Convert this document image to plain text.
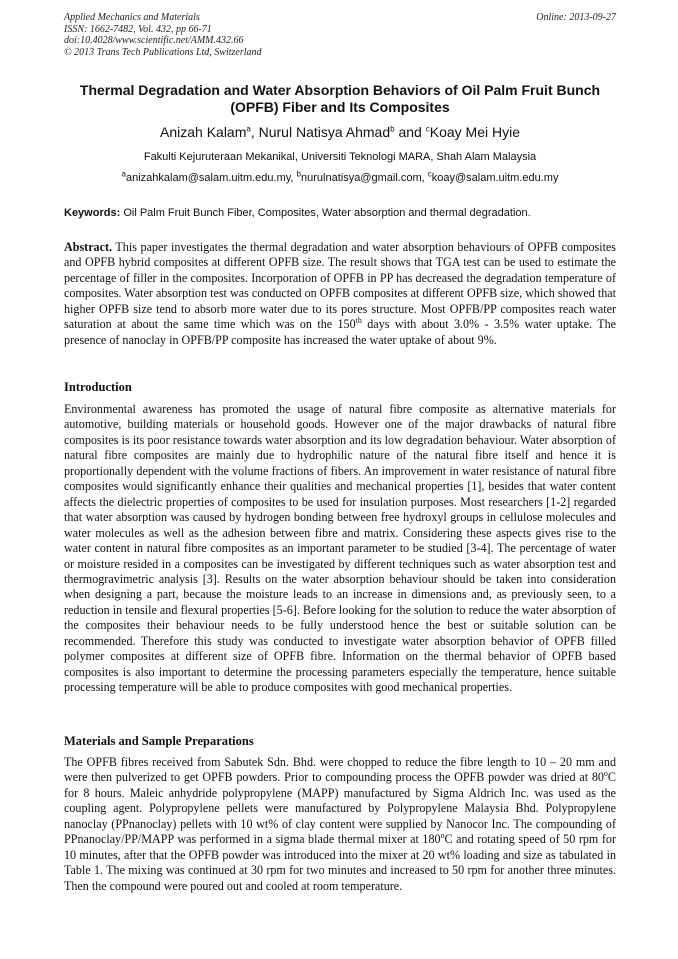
Applied Mechanics and Materials
ISSN: 1662-7482, Vol. 432, pp 66-71
doi:10.4028/www.scientific.net/AMM.432.66
© 2013 Trans Tech Publications Ltd, Switzerland
Online: 2013-09-27
Thermal Degradation and Water Absorption Behaviors of Oil Palm Fruit Bunch (OPFB) Fiber and Its Composites
Anizah Kalam$^a$, Nurul Natisya Ahmad$^b$ and $^c$Koay Mei Hyie
Fakulti Kejuruteraan Mekanikal, Universiti Teknologi MARA, Shah Alam Malaysia
$^a$anizahkalam@salam.uitm.edu.my, $^b$nurulnatisya@gmail.com, $^c$koay@salam.uitm.edu.my
Keywords: Oil Palm Fruit Bunch Fiber, Composites, Water absorption and thermal degradation.
Abstract. This paper investigates the thermal degradation and water absorption behaviours of OPFB composites and OPFB hybrid composites at different OPFB size. The result shows that TGA test can be used to estimate the percentage of filler in the composites. Incorporation of OPFB in PP has decreased the degradation temperature of composites. Water absorption test was conducted on OPFB composites at different OPFB size, which showed that higher OPFB size tend to absorb more water due to its pores structure. Most OPFB/PP composites reach water saturation at about the same time which was on the 150th days with about 3.0% - 3.5% water uptake. The presence of nanoclay in OPFB/PP composite has increased the water uptake of about 9%.
Introduction
Environmental awareness has promoted the usage of natural fibre composite as alternative materials for automotive, building materials or household goods. However one of the major drawbacks of natural fibre composites is its poor resistance towards water absorption and its low degradation behaviour. Water absorption of natural fibre composites are mainly due to hydrophilic nature of the natural fibre itself and hence it is proportionally dependent with the volume fractions of fibers. An improvement in water resistance of natural fibre composites would significantly enhance their qualities and mechanical properties [1], besides that water content affects the dielectric properties of composites to be used for insulation purposes. Most researchers [1-2] regarded that water absorption was caused by hydrogen bonding between free hydroxyl groups in cellulose molecules and water molecules as well as the adhesion between fibre and matrix. Considering these aspects gives rise to the water content in natural fibre composites as an important parameter to be studied [3-4]. The percentage of water or moisture resided in a composites can be investigated by different techniques such as water absorption test and thermogravimetric analysis [3]. Results on the water absorption behaviour should be taken into consideration when designing a part, because the moisture leads to an increase in dimensions and, as previously seen, to a reduction in tensile and flexural properties [5-6]. Before looking for the solution to reduce the water absorption of the composites their behaviour needs to be fully understood hence the best or suitable solution can be recommended. Therefore this study was conducted to investigate water absorption behavior of OPFB filled polymer composites at different size of OPFB fibre. Information on the thermal behavior of OPFB based composites is also important to determine the processing parameters especially the temperature, hence suitable processing temperature will be able to produce composites with good mechanical properties.
Materials and Sample Preparations
The OPFB fibres received from Sabutek Sdn. Bhd. were chopped to reduce the fibre length to 10 – 20 mm and were then pulverized to get OPFB powders. Prior to compounding process the OPFB powder was dried at 80$^o$C for 8 hours. Maleic anhydride polypropylene (MAPP) manufactured by Sigma Aldrich Inc. was used as the coupling agent. Polypropylene pellets were manufactured by Polypropylene Malaysia Bhd. Polypropylene nanoclay (PPnanoclay) pellets with 10 wt% of clay content were supplied by Nanocor Inc. The compounding of PPnanoclay/PP/MAPP was performed in a sigma blade thermal mixer at 180$^o$C and rotating speed of 50 rpm for 10 minutes, after that the OPFB powder was introduced into the mixer at 20 wt% loading and size as tabulated in Table 1. The mixing was continued at 30 rpm for two minutes and increased to 50 rpm for another three minutes. Then the compound were poured out and cooled at room temperature.
